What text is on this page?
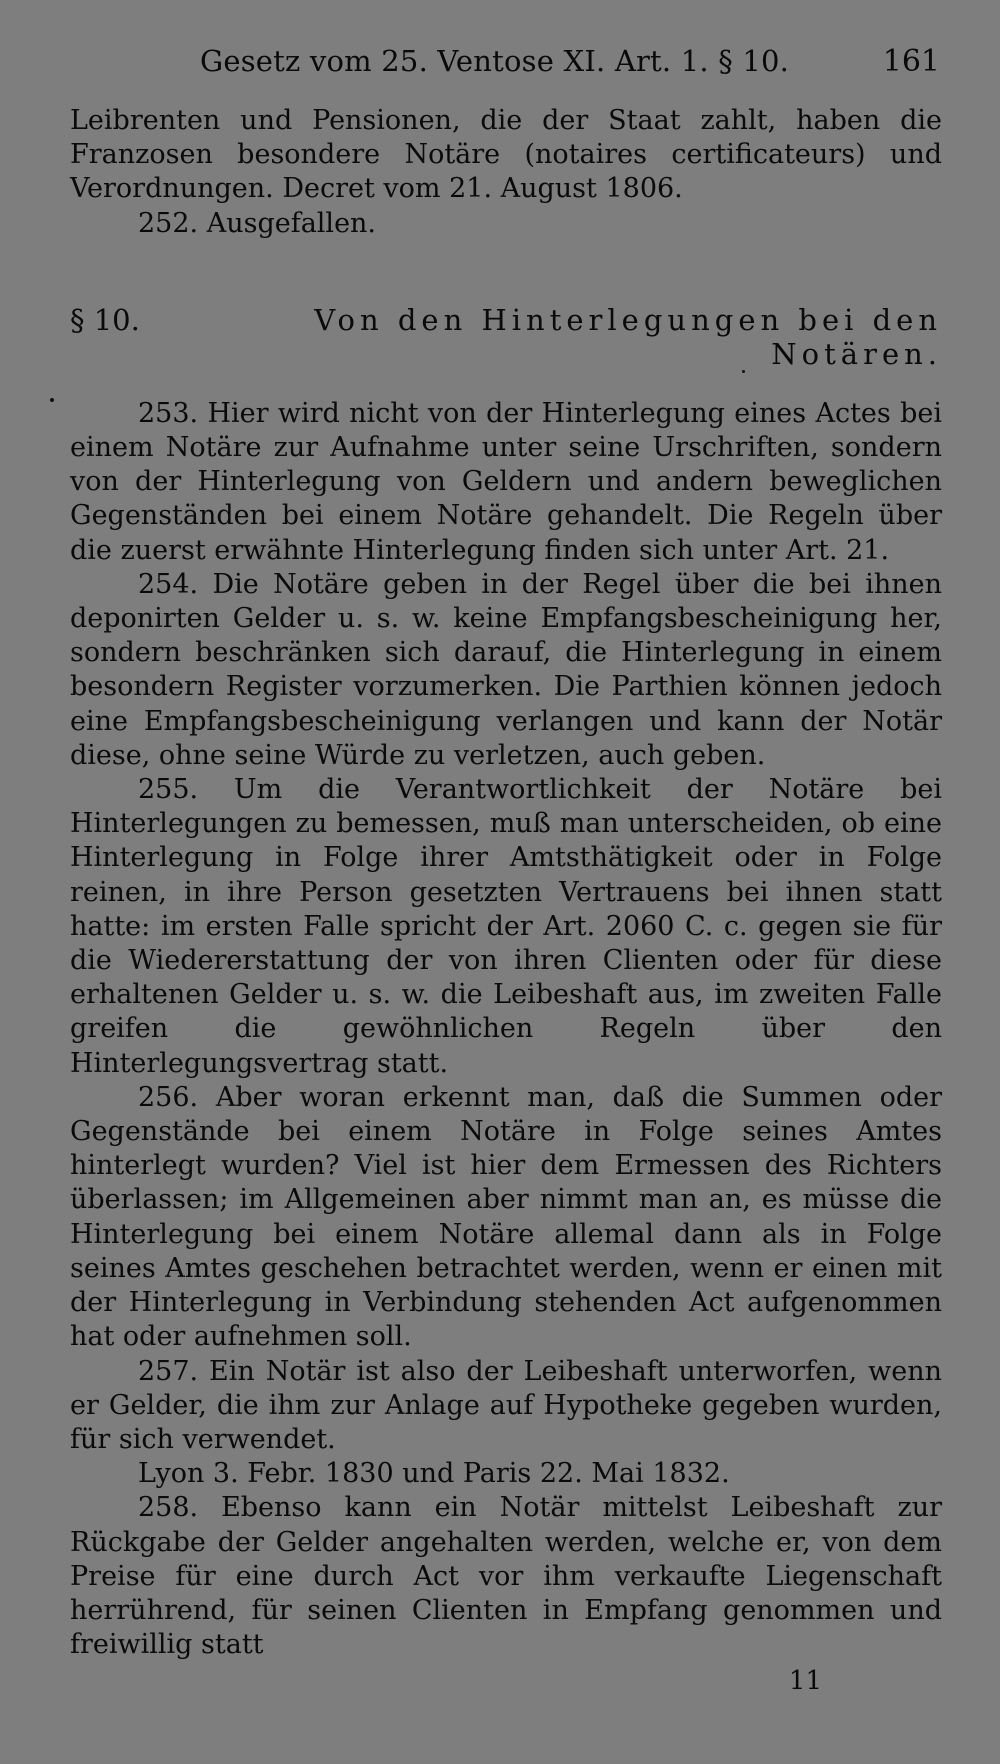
Gesetz vom 25. Ventose XI. Art. 1. § 10.	161

Leibrenten und Pensionen, die der Staat zahlt, haben die Franzosen besondere Notäre (notaires certificateurs) und Verordnungen. Decret vom 21. August 1806.

252. Ausgefallen.

§ 10.	Von den Hinterlegungen bei den Notären.

253. Hier wird nicht von der Hinterlegung eines Actes bei einem Notäre zur Aufnahme unter seine Urschriften, sondern von der Hinterlegung von Geldern und andern beweglichen Gegenständen bei einem Notäre gehandelt. Die Regeln über die zuerst erwähnte Hinterlegung finden sich unter Art. 21.

254. Die Notäre geben in der Regel über die bei ihnen deponirten Gelder u. s. w. keine Empfangsbescheinigung her, sondern beschränken sich darauf, die Hinterlegung in einem besondern Register vorzumerken. Die Parthien können jedoch eine Empfangsbescheinigung verlangen und kann der Notär diese, ohne seine Würde zu verletzen, auch geben.

255. Um die Verantwortlichkeit der Notäre bei Hinterlegungen zu bemessen, muß man unterscheiden, ob eine Hinterlegung in Folge ihrer Amtsthätigkeit oder in Folge reinen, in ihre Person gesetzten Vertrauens bei ihnen statt hatte: im ersten Falle spricht der Art. 2060 C. c. gegen sie für die Wiedererstattung der von ihren Clienten oder für diese erhaltenen Gelder u. s. w. die Leibeshaft aus, im zweiten Falle greifen die gewöhnlichen Regeln über den Hinterlegungsvertrag statt.

256. Aber woran erkennt man, daß die Summen oder Gegenstände bei einem Notäre in Folge seines Amtes hinterlegt wurden? Viel ist hier dem Ermessen des Richters überlassen; im Allgemeinen aber nimmt man an, es müsse die Hinterlegung bei einem Notäre allemal dann als in Folge seines Amtes geschehen betrachtet werden, wenn er einen mit der Hinterlegung in Verbindung stehenden Act aufgenommen hat oder aufnehmen soll.

257. Ein Notär ist also der Leibeshaft unterworfen, wenn er Gelder, die ihm zur Anlage auf Hypotheke gegeben wurden, für sich verwendet.

Lyon 3. Febr. 1830 und Paris 22. Mai 1832.

258. Ebenso kann ein Notär mittelst Leibeshaft zur Rückgabe der Gelder angehalten werden, welche er, von dem Preise für eine durch Act vor ihm verkaufte Liegenschaft herrührend, für seinen Clienten in Empfang genommen und freiwillig statt

11
